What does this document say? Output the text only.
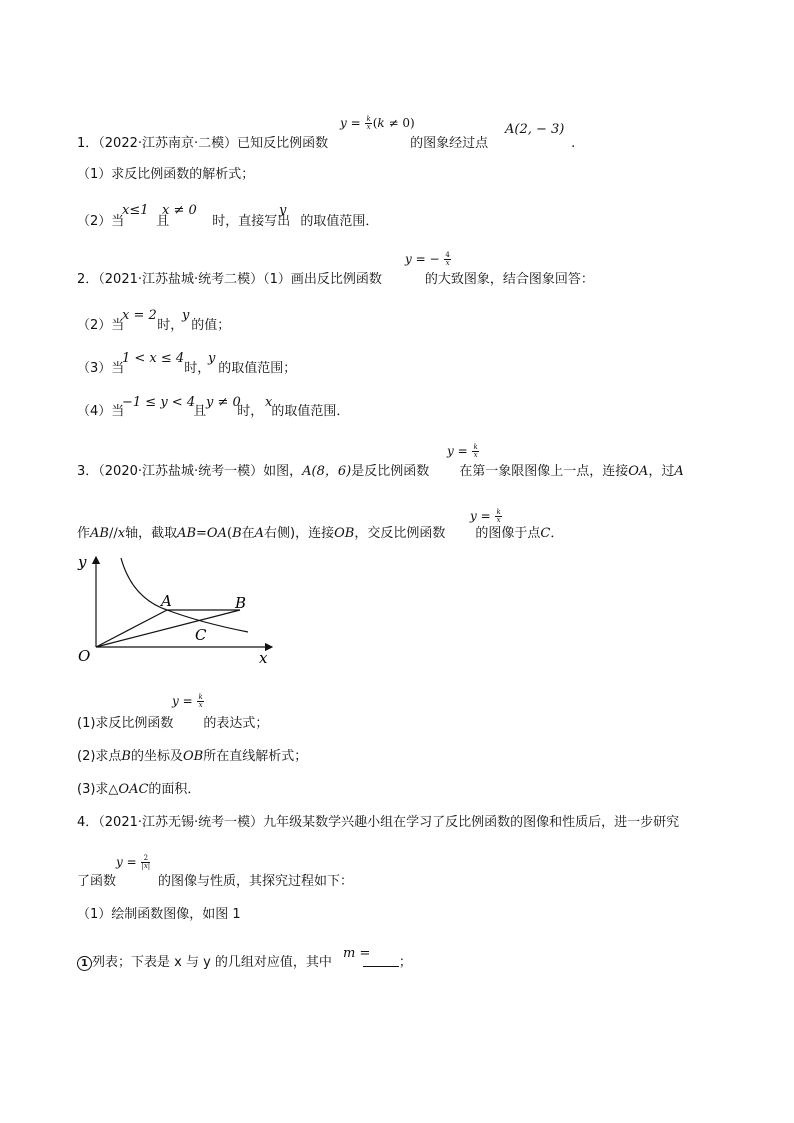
$y = \frac{k}{x} (k \ne 0)$	A(2, − 3)
1．（2022·江苏南京·二模）已知反比例函数	的图象经过点	.
（1）求反比例函数的解析式；
x≤1 x ≠ 0	y
（2）当 且	时，直接写出 的取值范围．
y = − $\frac{4}{x}$
2．（2021·江苏盐城·统考二模）（1）画出反比例函数	的大致图象，结合图象回答：
x = 2 y
（2）当	时， 的值；
1 < x ≤ 4 y
（3）当	时， 的取值范围；
−1 ≤ y < 4 y ≠ 0 x
（4）当	且 时， 的取值范围．
$y = \frac{k}{x}$
3．（2020·江苏盐城·统考一模）如图，A(8，6)是反比例函数 在第一象限图像上一点，连接OA，过A
$y = \frac{k}{x}$
作AB//x轴，截取AB=OA(B在A右侧)，连接OB，交反比例函数 的图像于点C．
y
x
O
A	B
C
$y = \frac{k}{x}$
(1)求反比例函数 的表达式；
(2)求点B的坐标及OB所在直线解析式；
(3)求△OAC的面积．
4．（2021·江苏无锡·统考一模）九年级某数学兴趣小组在学习了反比例函数的图像和性质后，进一步研究
$y = \frac{2}{|x|}$
了函数	的图像与性质，其探究过程如下：
（1）绘制函数图像，如图 1
m =
1 列表；下表是 x 与 y 的几组对应值，其中	；
